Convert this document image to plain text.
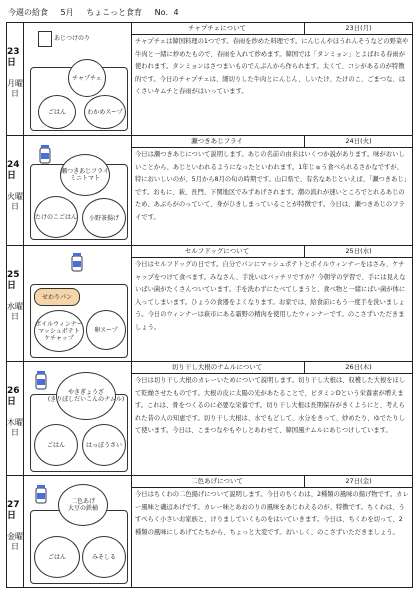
今週の給食 5月 ちょこっと食育 No．4
23日
月曜日
あじつけのり
チャプチェ
ごはん	わかめスープ
チャプチェについて	23日(月)
チャプチェは韓国料理の1つです。春雨を炒めた料理です。にんじんやほうれんそうなどの野菜や牛肉と一緒に炒めたもので、春雨を入れて炒めます。韓国では「タンミョン」とよばれる春雨が使われます。タンミョンはさつまいものでんぷんから作られます。太くて、コシがあるのが特徴的です。今日のチャプチェは、細切りした牛肉とにんじん、しいたけ、たけのこ、ごまつな、はくさいキムチと春雨がはいっています。
24日
火曜日
瀬つきあじフライ
ミニトマト
たけのこごはん 小野茶揚げ
瀬つきあじフライ	24日(火)
今日は瀬つきあじについて説明します。あじの名前の由来はいくつか説があります。味がおいしいことから、あじといわれるようになったといわれます。1年じゅう食べられるさかなですが、特においしいのが、5月から8月の旬の時期です。山口県で、有名なあじといえば、「瀬つきあじ」です。おもに、萩、長門、下関地区でみずあげされます。潮の流れが速いところでとれるあじのため、あぶらがのっていて、身がひきしまっていることが特徴です。今日は、瀬つきあじのフライです。
25日
水曜日
せわりパン
ボイルウィンナー
マッシュポテト
ケチャップ
卵スープ
セルフドッグについて	25日(水)
今日はセルフドッグの日です。自分でパンにマッシュポテトとボイルウィンナーをはさみ、ケチャップをつけて食べます。みなさん、手洗いはバッチリですか？今朝学の学習で、手には見えないばい菌がたくさんついています。手を洗わずにたべてしまうと、食べ物と一緒にばい菌が体に入ってしまいます。ひょうの食器をよくなります。お家では、給食前にもう一度手を洗いましょう。今日のウィンナーは萩市にある霜野の精肉を使用したウィンナーです。のこさずいただきましょう。
26日
木曜日
やきぎょうざ
(きりぼしだいこんのナムル)
ごはん	はっぽうさい
切り干し大根のナムルについて	26日(木)
今日は切り干し大根のカレーいためについて説明します。切り干し大根は、収穫した大根をほして乾燥させたものです。大根の皮に太陽の光があたることで、ビタミンDという栄養素が増えます。これは、骨をつくるのに必要な栄養です。切り干し大根は長期保存がきくようにと、考えられた昔の人の知恵です。切り干し大根は、水でもどして、水分をきって、炒めたり、ゆでたりして使います。今日は、こまつなやもやしとあわせて、韓国風ナムルにあじつけしています。
27日
金曜日
二色あげ
大豆の鉄桶
ごはん	みそしる
二色あげについて	27日(金)
今日はちくわの二色揚げについて説明します。今日のちくわは、2種類の風味の揚げ物です。カレー風味と磯辺あげです。カレー味とあおのりの風味をあじわえるのが、特徴です。ちくわは、うすぺらく小さいお家族と、けりましていくものをはいていきます。今日は、ちくわを切って、2種類の風味にしあげてたちから、ちょっと大変です。おいしく、のこさずいただきましょう。
